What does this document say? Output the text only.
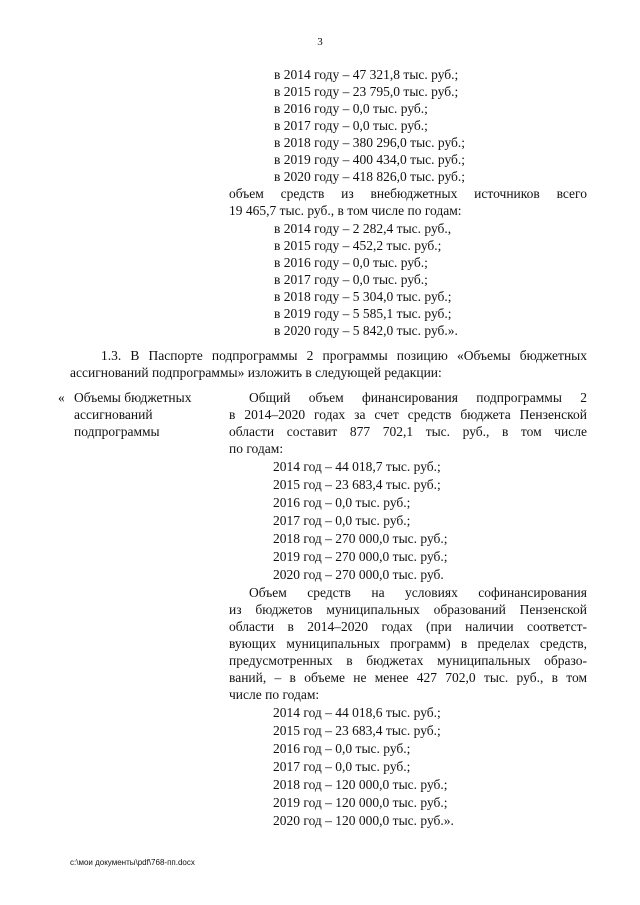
3
в 2014 году – 47 321,8 тыс. руб.;
в 2015 году – 23 795,0 тыс. руб.;
в 2016 году – 0,0 тыс. руб.;
в 2017 году – 0,0 тыс. руб.;
в 2018 году – 380 296,0 тыс. руб.;
в 2019 году – 400 434,0 тыс. руб.;
в 2020 году – 418 826,0 тыс. руб.;
объем средств из внебюджетных источников всего
19 465,7 тыс. руб., в том числе по годам:
в 2014 году – 2 282,4 тыс. руб.,
в 2015 году – 452,2 тыс. руб.;
в 2016 году – 0,0 тыс. руб.;
в 2017 году – 0,0 тыс. руб.;
в 2018 году – 5 304,0 тыс. руб.;
в 2019 году – 5 585,1 тыс. руб.;
в 2020 году – 5 842,0 тыс. руб.».
1.3. В Паспорте подпрограммы 2 программы позицию «Объемы бюджетных
ассигнований подпрограммы» изложить в следующей редакции:
« Объемы бюджетных
ассигнований
подпрограммы
Общий объем финансирования подпрограммы 2
в 2014–2020 годах за счет средств бюджета Пензенской
области составит 877 702,1 тыс. руб., в том числе
по годам:
2014 год – 44 018,7 тыс. руб.;
2015 год – 23 683,4 тыс. руб.;
2016 год – 0,0 тыс. руб.;
2017 год – 0,0 тыс. руб.;
2018 год – 270 000,0 тыс. руб.;
2019 год – 270 000,0 тыс. руб.;
2020 год – 270 000,0 тыс. руб.
Объем средств на условиях софинансирования
из бюджетов муниципальных образований Пензенской
области в 2014–2020 годах (при наличии соответст-
вующих муниципальных программ) в пределах средств,
предусмотренных в бюджетах муниципальных образо-
ваний, – в объеме не менее 427 702,0 тыс. руб., в том
числе по годам:
2014 год – 44 018,6 тыс. руб.;
2015 год – 23 683,4 тыс. руб.;
2016 год – 0,0 тыс. руб.;
2017 год – 0,0 тыс. руб.;
2018 год – 120 000,0 тыс. руб.;
2019 год – 120 000,0 тыс. руб.;
2020 год – 120 000,0 тыс. руб.».
c:\мои документы\pdf\768-пп.docx
